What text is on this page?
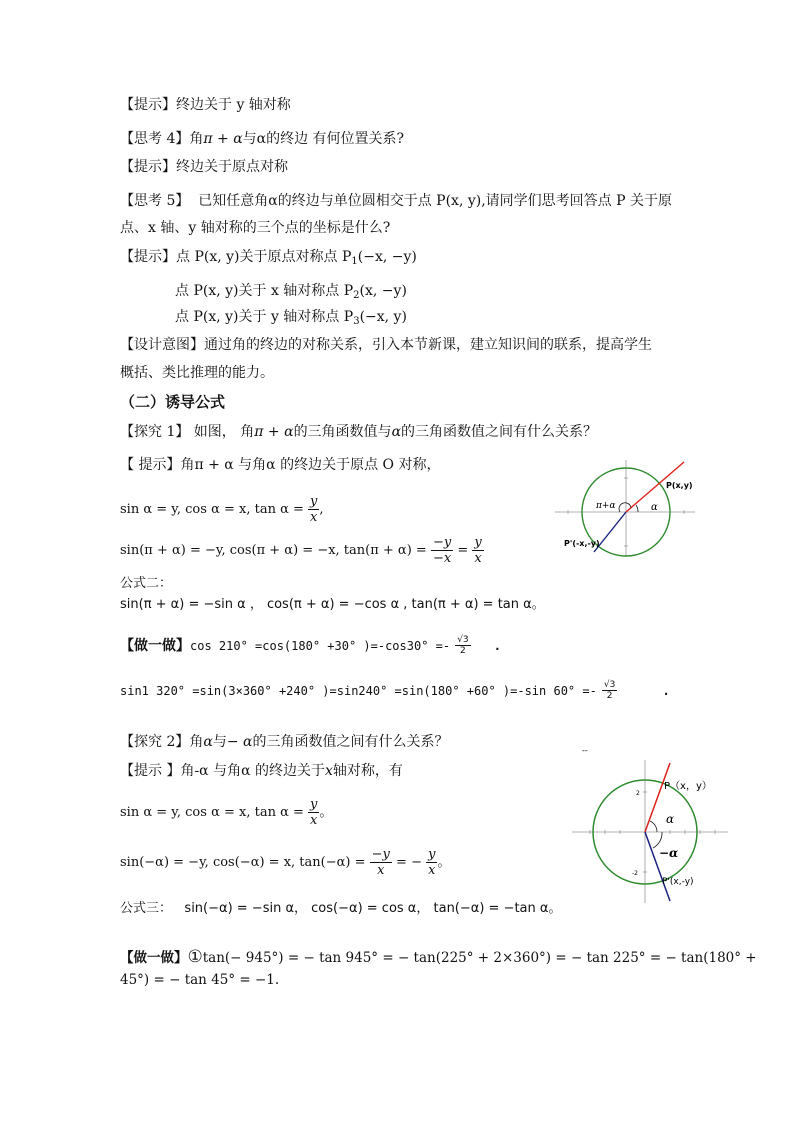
【提示】终边关于 y 轴对称
【思考 4】角π + α与α的终边 有何位置关系?
【提示】终边关于原点对称
【思考 5】 已知任意角α的终边与单位圆相交于点 P(x, y),请同学们思考回答点 P 关于原
点、x 轴、y 轴对称的三个点的坐标是什么?
【提示】点 P(x, y)关于原点对称点 $P_1(-x$, −y)
点 P(x, y)关于 x 轴对称点 $P_2(x$, −y)
点 P(x, y)关于 y 轴对称点 $P_3(-x$, y)
【设计意图】通过角的终边的对称关系，引入本节新课，建立知识间的联系，提高学生
概括、类比推理的能力。
（二）诱导公式
【探究 1】 如图， 角π + α的三角函数值与α的三角函数值之间有什么关系？
【 提示】角π + α 与角α 的终边关于原点 O 对称，
sin α = y, cos α = x, $\tan \alpha = \frac{y}{x}$ ,
sin(π + α) = −y, cos(π + α) = −x, $\tan(\pi + \alpha) = \frac{-y}{-x} = \frac{y}{x}$
公式二：
sin(π + α) = −sin α ， cos(π + α) = −cos α , tan(π + α) = tan α。
【做一做】cos 210° =cos(180° +30° )$=-\cos 30^\circ =- \frac{√3}{2}$ .
sin1 320° =sin(3×360° +240° )=sin240° =sin(180° +60° )=-sin $60^\circ =- \frac{√3}{2}$	.
【探究 2】角α与− α的三角函数值之间有什么关系？
【提示 】角-α 与角α 的终边关于x轴对称，有
sin α = y, cos α = x, $\tan \alpha = \frac{y}{x}$ 。
sin(−α) = −y, cos(−α) = x, $\tan(-\alpha) = \frac{-y}{x}$ = − $\frac{y}{x}$ 。
公式三： sin(−α) = −sin α， cos(−α) = cos α， tan(−α) = −tan α。
【做一做】①tan(− 945°) = − tan 945° = − tan(225° + 2×360°) = − tan 225° = − tan(180° +
45°) = − tan 45° = −1.
P(x,y)
P'(-x,-y)
π+α	α
--
P（x，y）
P'(x,-y)
α
−α
2
-2
